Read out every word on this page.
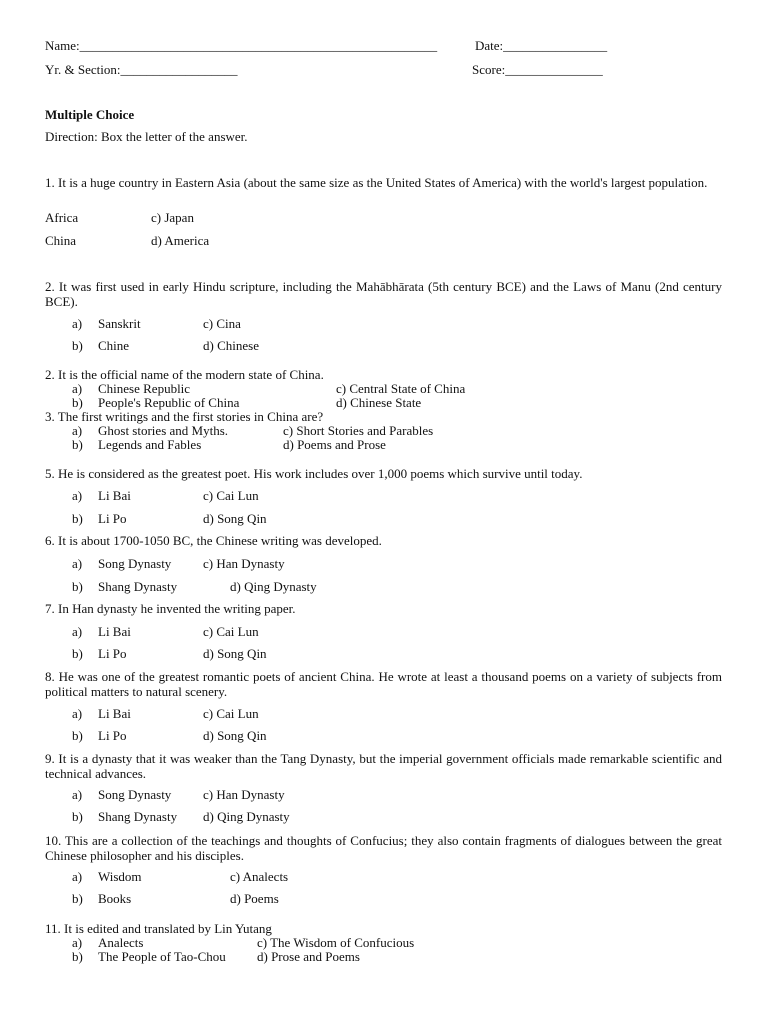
Name:_______________________________________________________	Date:________________
Yr. & Section:__________________	Score:_______________
Multiple Choice
Direction: Box the letter of the answer.
1. It is a huge country in Eastern Asia (about the same size as the United States of America) with the world's largest population.
Africa	c) Japan
China	d) America
2. It was first used in early Hindu scripture, including the Mahābhārata (5th century BCE) and the Laws of Manu (2nd century BCE).
a) Sanskrit	c) Cina
b) Chine	d) Chinese
2. It is the official name of the modern state of China.
a) Chinese Republic	c) Central State of China
b) People's Republic of China	d) Chinese State
3. The first writings and the first stories in China are?
a) Ghost stories and Myths.	c) Short Stories and Parables
b) Legends and Fables	d) Poems and Prose
5. He is considered as the greatest poet. His work includes over 1,000 poems which survive until today.
a) Li Bai	c) Cai Lun
b) Li Po	d) Song Qin
6. It is about 1700-1050 BC, the Chinese writing was developed.
a) Song Dynasty c) Han Dynasty
b) Shang Dynasty	d) Qing Dynasty
7. In Han dynasty he invented the writing paper.
a) Li Bai	c) Cai Lun
b) Li Po	d) Song Qin
8. He was one of the greatest romantic poets of ancient China. He wrote at least a thousand poems on a variety of subjects from political matters to natural scenery.
a) Li Bai	c) Cai Lun
b) Li Po	d) Song Qin
9. It is a dynasty that it was weaker than the Tang Dynasty, but the imperial government officials made remarkable scientific and technical advances.
a) Song Dynasty c) Han Dynasty
b) Shang Dynasty d) Qing Dynasty
10. This are a collection of the teachings and thoughts of Confucius; they also contain fragments of dialogues between the great Chinese philosopher and his disciples.
a) Wisdom	c) Analects
b) Books	d) Poems
11. It is edited and translated by Lin Yutang
a) Analects	c) The Wisdom of Confucious
b) The People of Tao-Chou d) Prose and Poems
